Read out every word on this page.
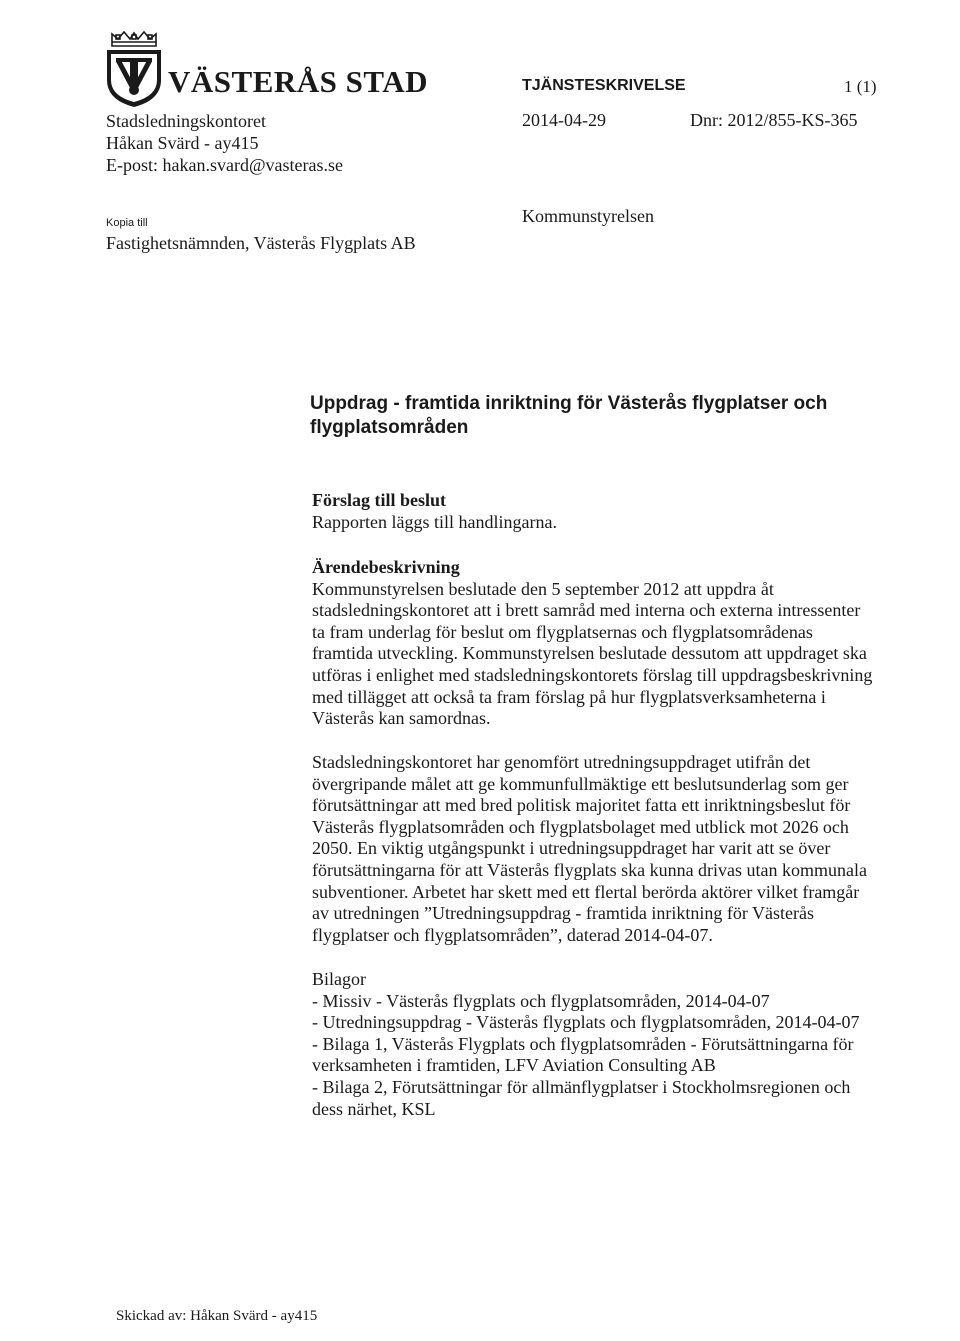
VÄSTERÅS STAD
Stadsledningskontoret
Håkan Svärd - ay415
E-post: hakan.svard@vasteras.se
TJÄNSTESKRIVELSE	1 (1)
2014-04-29	Dnr: 2012/855-KS-365
Kopia till
Fastighetsnämnden, Västerås Flygplats AB
Kommunstyrelsen
Uppdrag - framtida inriktning för Västerås flygplatser och flygplatsområden
Förslag till beslut
Rapporten läggs till handlingarna.
Ärendebeskrivning
Kommunstyrelsen beslutade den 5 september 2012 att uppdra åt
stadsledningskontoret att i brett samråd med interna och externa intressenter
ta fram underlag för beslut om flygplatsernas och flygplatsområdenas
framtida utveckling. Kommunstyrelsen beslutade dessutom att uppdraget ska
utföras i enlighet med stadsledningskontorets förslag till uppdragsbeskrivning
med tillägget att också ta fram förslag på hur flygplatsverksamheterna i
Västerås kan samordnas.
Stadsledningskontoret har genomfört utredningsuppdraget utifrån det
övergripande målet att ge kommunfullmäktige ett beslutsunderlag som ger
förutsättningar att med bred politisk majoritet fatta ett inriktningsbeslut för
Västerås flygplatsområden och flygplatsbolaget med utblick mot 2026 och
2050. En viktig utgångspunkt i utredningsuppdraget har varit att se över
förutsättningarna för att Västerås flygplats ska kunna drivas utan kommunala
subventioner. Arbetet har skett med ett flertal berörda aktörer vilket framgår
av utredningen ”Utredningsuppdrag - framtida inriktning för Västerås
flygplatser och flygplatsområden”, daterad 2014-04-07.
Bilagor
- Missiv - Västerås flygplats och flygplatsområden, 2014-04-07
- Utredningsuppdrag - Västerås flygplats och flygplatsområden, 2014-04-07
- Bilaga 1, Västerås Flygplats och flygplatsområden - Förutsättningarna för
verksamheten i framtiden, LFV Aviation Consulting AB
- Bilaga 2, Förutsättningar för allmänflygplatser i Stockholmsregionen och
dess närhet, KSL
Skickad av: Håkan Svärd - ay415
